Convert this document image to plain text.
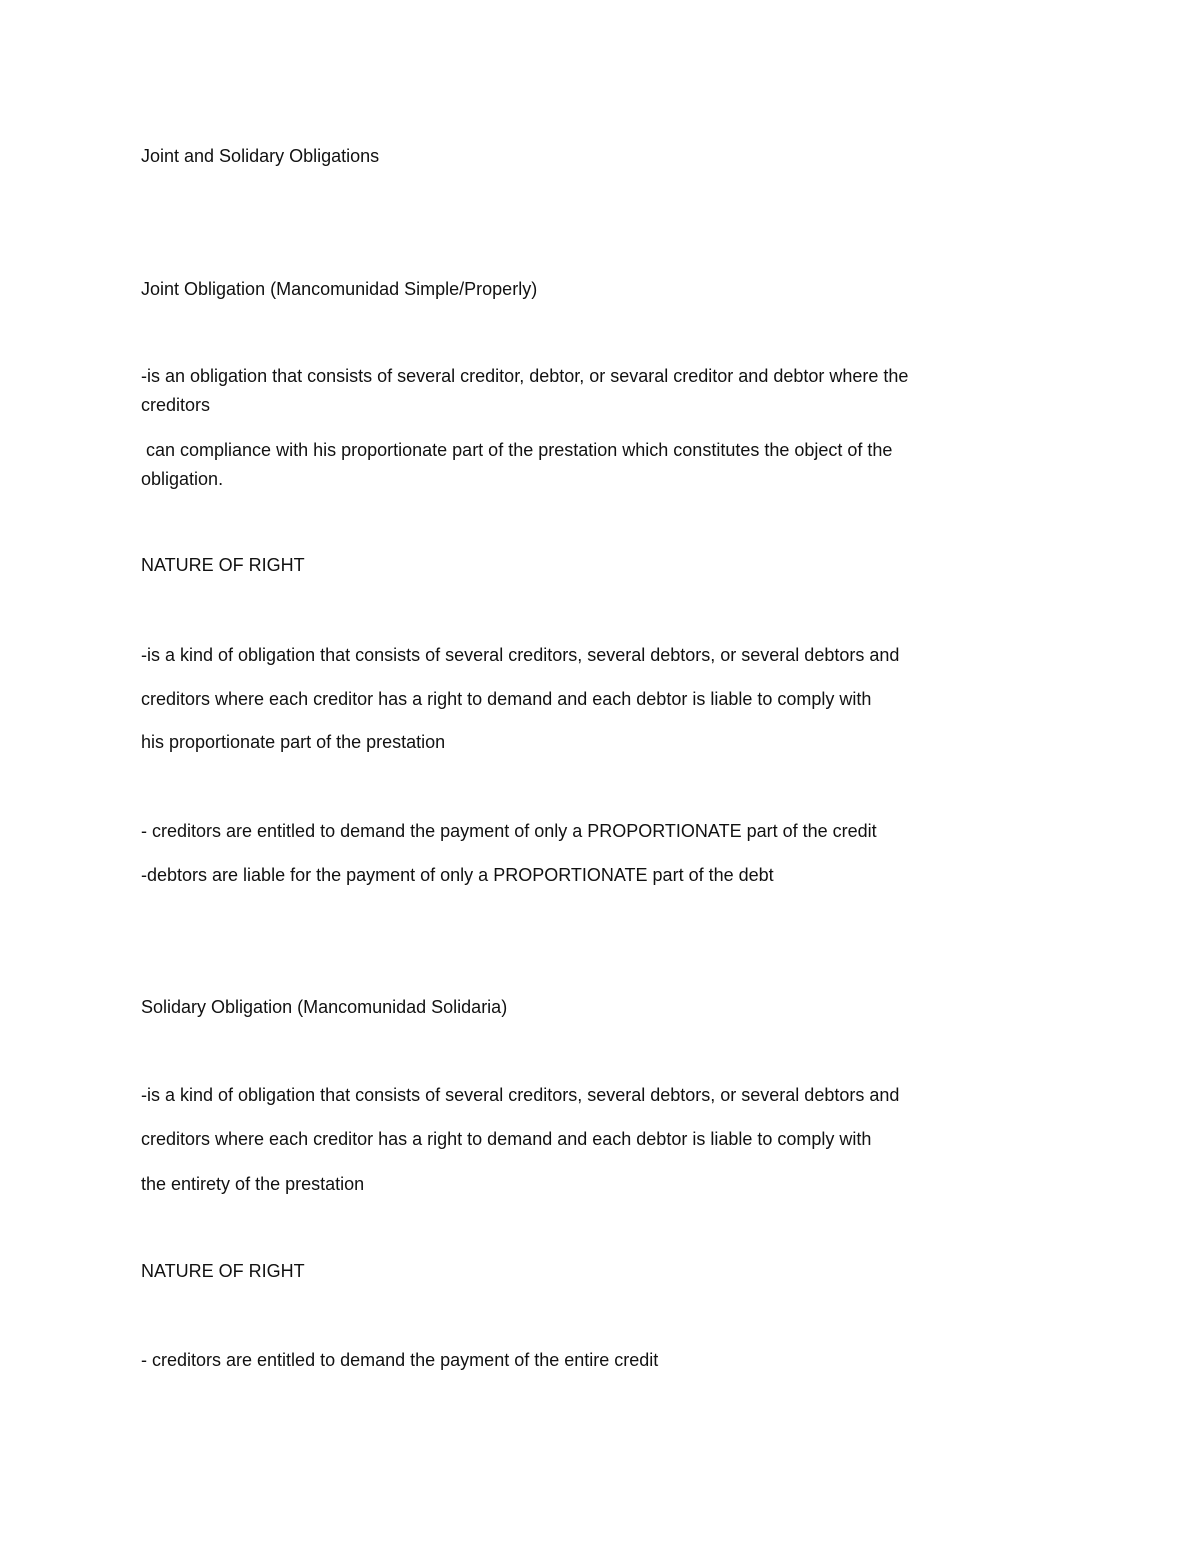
Joint and Solidary Obligations
Joint Obligation (Mancomunidad Simple/Properly)
-is an obligation that consists of several creditor, debtor, or sevaral creditor and debtor where the
creditors
can compliance with his proportionate part of the prestation which constitutes the object of the
obligation.
NATURE OF RIGHT
-is a kind of obligation that consists of several creditors, several debtors, or several debtors and
creditors where each creditor has a right to demand and each debtor is liable to comply with
his proportionate part of the prestation
- creditors are entitled to demand the payment of only a PROPORTIONATE part of the credit
-debtors are liable for the payment of only a PROPORTIONATE part of the debt
Solidary Obligation (Mancomunidad Solidaria)
-is a kind of obligation that consists of several creditors, several debtors, or several debtors and
creditors where each creditor has a right to demand and each debtor is liable to comply with
the entirety of the prestation
NATURE OF RIGHT
- creditors are entitled to demand the payment of the entire credit
